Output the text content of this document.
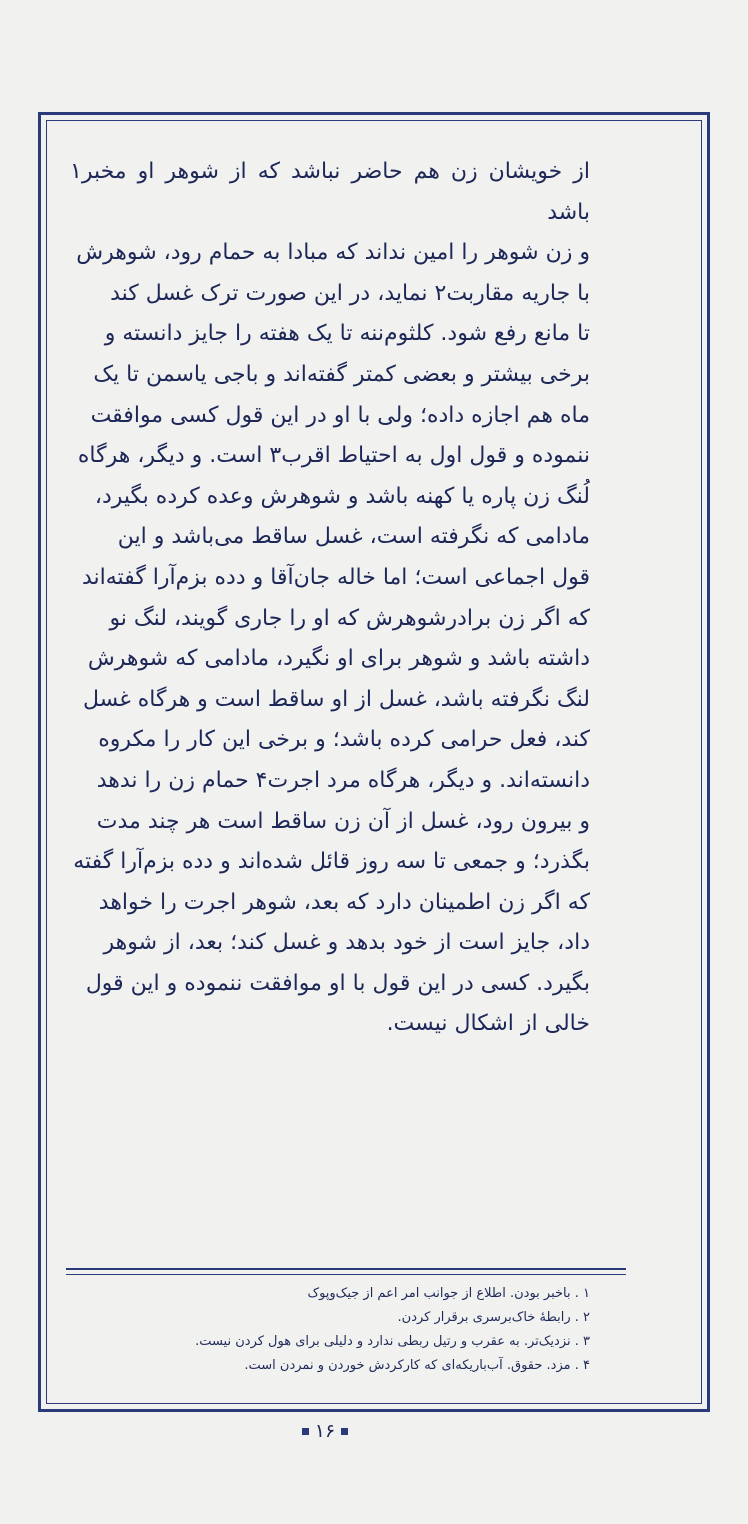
از خویشان زن هم حاضر نباشد که از شوهر او مخبر۱ باشد

و زن شوهر را امین نداند که مبادا به حمام رود، شوهرش

با جاریه مقاربت۲ نماید، در این صورت ترک غسل کند

تا مانع رفع شود. کلثوم‌ننه تا یک هفته را جایز دانسته و

برخی بیشتر و بعضی کمتر گفته‌اند و باجی یاسمن تا یک

ماه هم اجازه داده؛ ولی با او در این قول کسی موافقت

ننموده و قول اول به احتیاط اقرب۳ است. و دیگر، هرگاه

لُنگ زن پاره یا کهنه باشد و شوهرش وعده کرده بگیرد،

مادامی که نگرفته است، غسل ساقط می‌باشد و این

قول اجماعی است؛ اما خاله جان‌آقا و دده بزم‌آرا گفته‌اند

که اگر زن برادرشوهرش که او را جاری گویند، لنگ نو

داشته باشد و شوهر برای او نگیرد، مادامی که شوهرش

لنگ نگرفته باشد، غسل از او ساقط است و هرگاه غسل

کند، فعل حرامی کرده باشد؛ و برخی این کار را مکروه

دانسته‌اند. و دیگر، هرگاه مرد اجرت۴ حمام زن را ندهد

و بیرون رود، غسل از آن زن ساقط است هر چند مدت

بگذرد؛ و جمعی تا سه روز قائل شده‌اند و دده بزم‌آرا گفته

که اگر زن اطمینان دارد که بعد، شوهر اجرت را خواهد

داد، جایز است از خود بدهد و غسل کند؛ بعد، از شوهر

بگیرد. کسی در این قول با او موافقت ننموده و این قول

خالی از اشکال نیست.

۱ . باخبر بودن. اطلاع از جوانب امر اعم از جیک‌وپوک
۲ . رابطهٔ خاک‌برسری برقرار کردن.
۳ . نزدیک‌تر. به عقرب و رتیل ربطی ندارد و دلیلی برای هول کردن نیست.
۴ . مزد. حقوق. آب‌باریکه‌ای که کارکردش خوردن و نمردن است.
۱۶
